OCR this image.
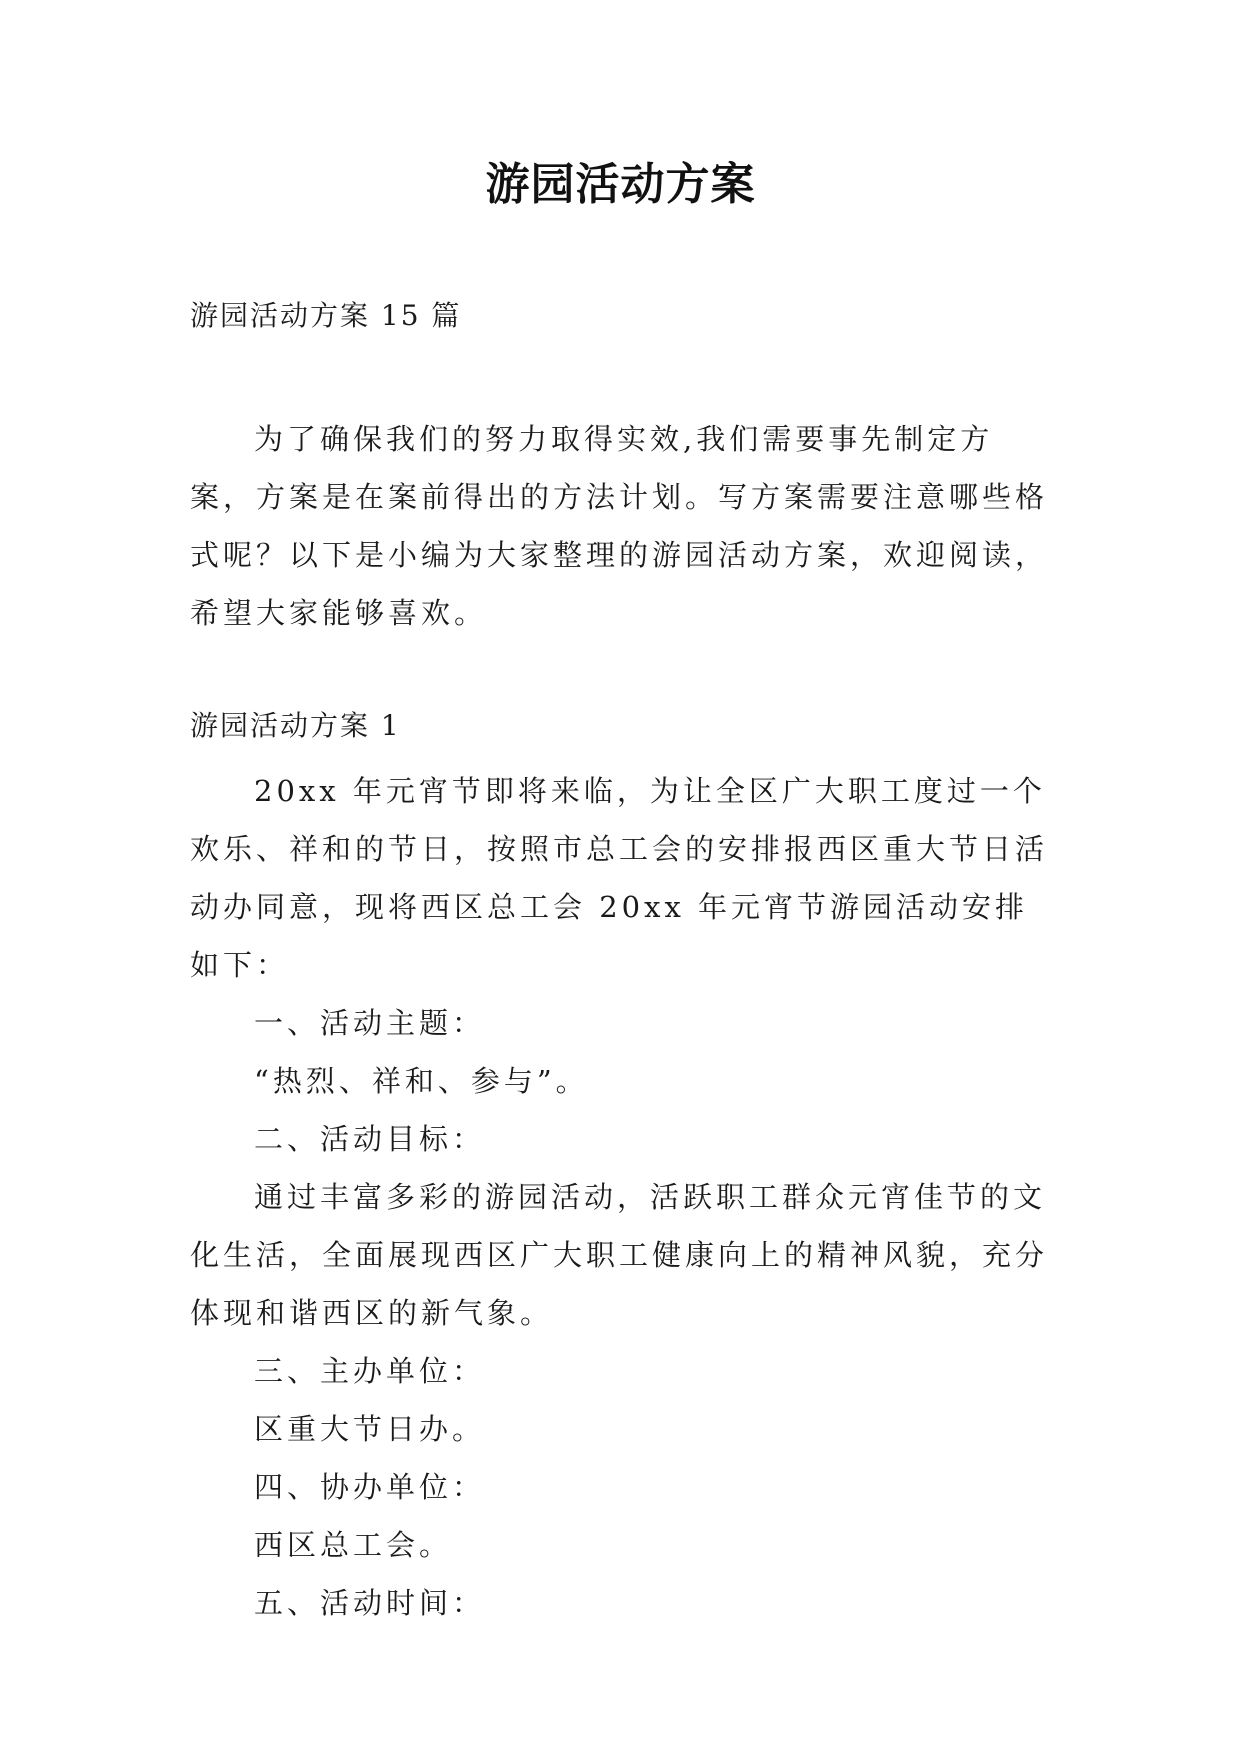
游园活动方案
游园活动方案 15 篇

为了确保我们的努力取得实效,我们需要事先制定方案，方案是在案前得出的方法计划。写方案需要注意哪些格式呢？以下是小编为大家整理的游园活动方案，欢迎阅读，希望大家能够喜欢。

游园活动方案 1

20xx 年元宵节即将来临，为让全区广大职工度过一个欢乐、祥和的节日，按照市总工会的安排报西区重大节日活动办同意，现将西区总工会 20xx 年元宵节游园活动安排如下：

一、活动主题：

“热烈、祥和、参与”。

二、活动目标：

通过丰富多彩的游园活动，活跃职工群众元宵佳节的文化生活，全面展现西区广大职工健康向上的精神风貌，充分体现和谐西区的新气象。

三、主办单位：

区重大节日办。

四、协办单位：

西区总工会。

五、活动时间：
